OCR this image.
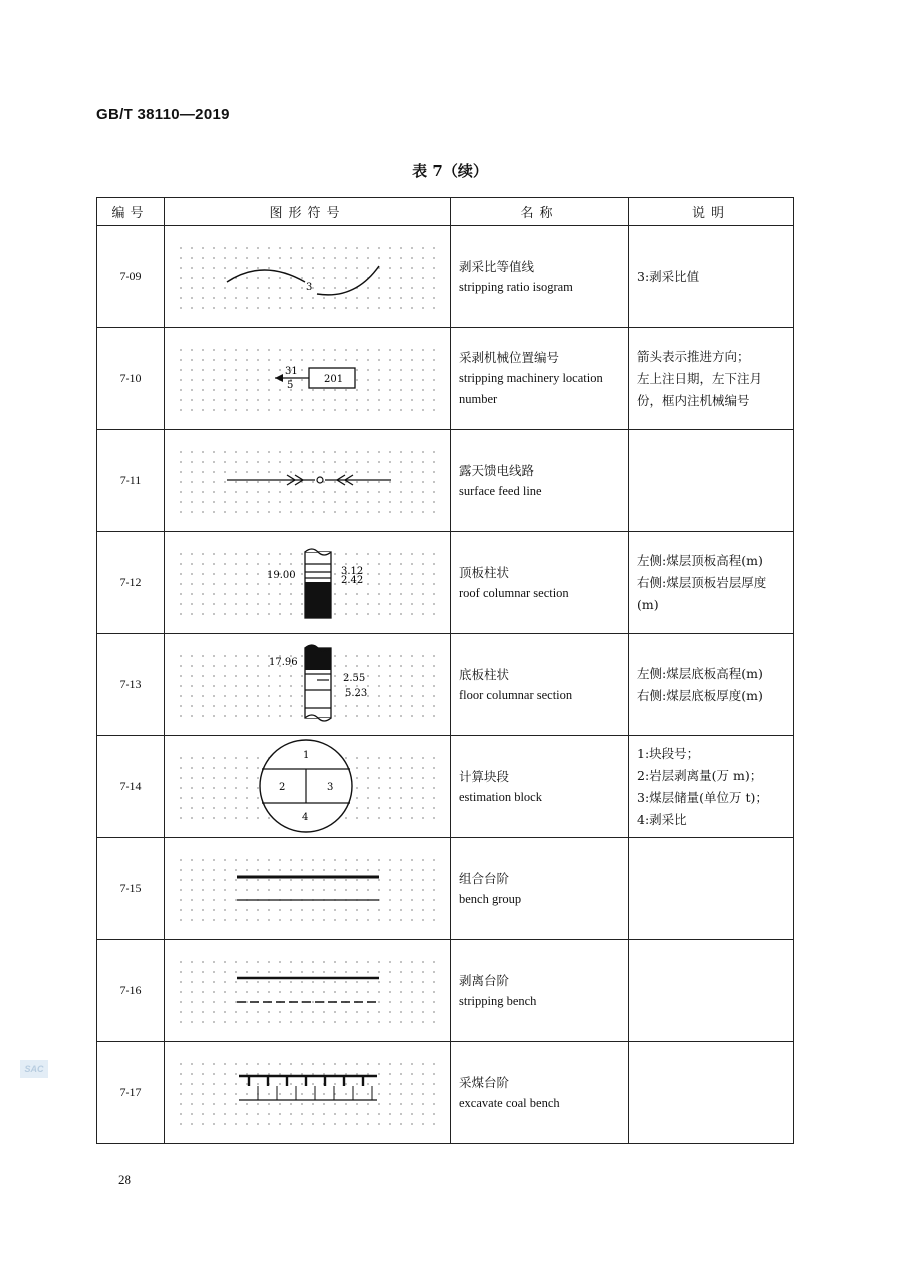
GB/T 38110—2019
表 7（续）
编号	图形符号	名称	说明
7-09	3	剥采比等值线
stripping ratio isogram	3:剥采比值

7-10	31
5
201	采剥机械位置编号
stripping machinery location number	箭头表示推进方向；
左上注日期，左下注月
份，框内注机械编号

7-11		露天馈电线路
surface feed line	

7-12	19.00 3.12
2.42	顶板柱状
roof columnar section	左侧:煤层顶板高程(m)
右侧:煤层顶板岩层厚度
(m)

7-13	17.96
2.55
5.23	底板柱状
floor columnar section	左侧:煤层底板高程(m)
右侧:煤层底板厚度(m)

7-14	1
2 3
4	计算块段
estimation block	1:块段号；
2:岩层剥离量(万 m)；
3:煤层储量(单位万 t)；
4:剥采比

7-15		组合台阶
bench group	

7-16		剥离台阶
stripping bench	

7-17		采煤台阶
excavate coal bench	

SAC
28
